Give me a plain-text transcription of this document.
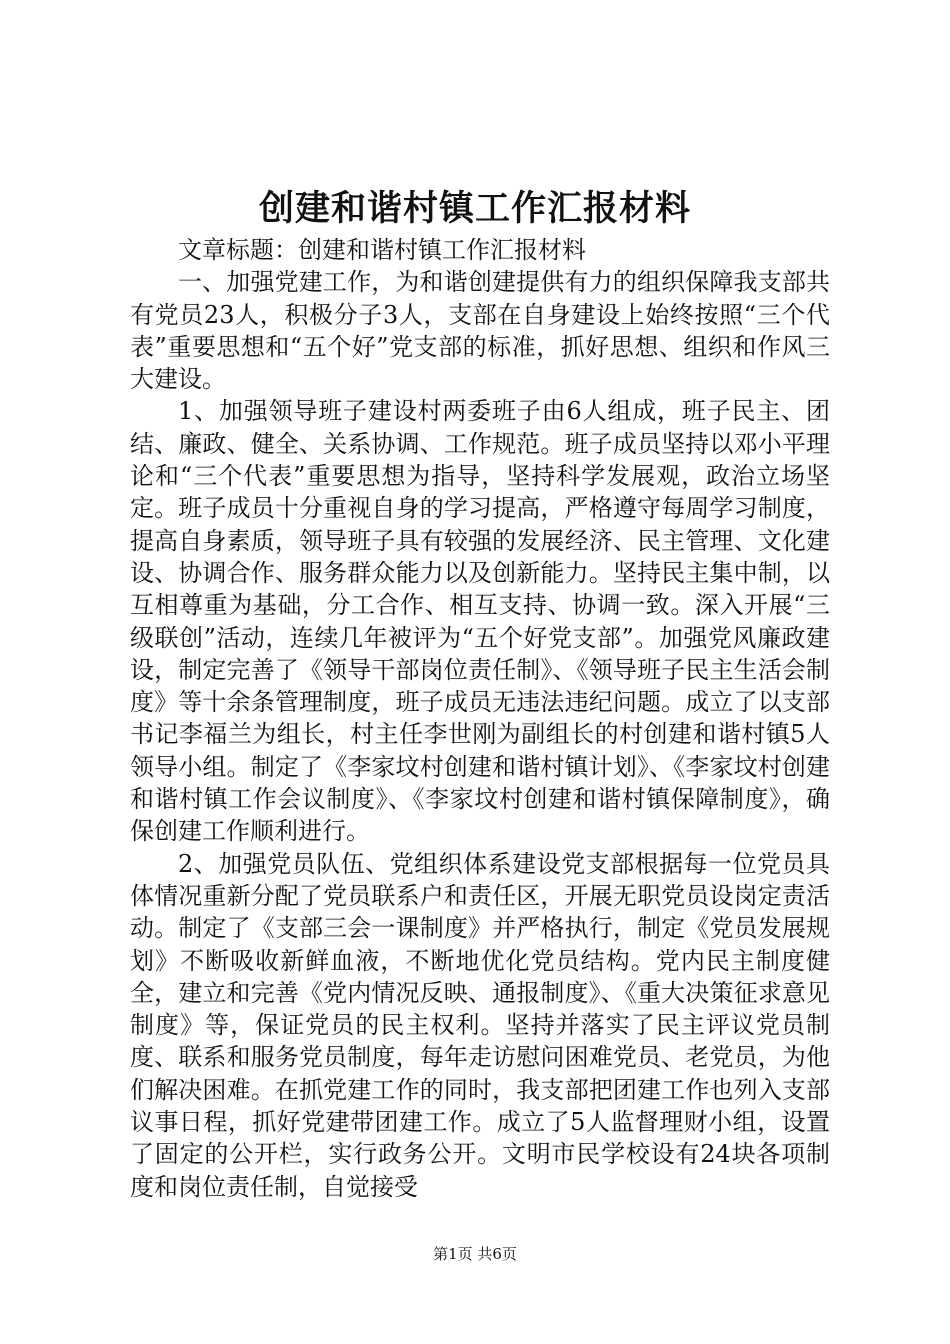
创建和谐村镇工作汇报材料

文章标题：创建和谐村镇工作汇报材料

一、加强党建工作，为和谐创建提供有力的组织保障我支部共有党员23人，积极分子3人，支部在自身建设上始终按照“三个代表”重要思想和“五个好”党支部的标准，抓好思想、组织和作风三大建设。

1、加强领导班子建设村两委班子由6人组成，班子民主、团结、廉政、健全、关系协调、工作规范。班子成员坚持以邓小平理论和“三个代表”重要思想为指导，坚持科学发展观，政治立场坚定。班子成员十分重视自身的学习提高，严格遵守每周学习制度，提高自身素质，领导班子具有较强的发展经济、民主管理、文化建设、协调合作、服务群众能力以及创新能力。坚持民主集中制，以互相尊重为基础，分工合作、相互支持、协调一致。深入开展“三级联创”活动，连续几年被评为“五个好党支部”。加强党风廉政建设，制定完善了《领导干部岗位责任制》、《领导班子民主生活会制度》等十余条管理制度，班子成员无违法违纪问题。成立了以支部书记李福兰为组长，村主任李世刚为副组长的村创建和谐村镇5人领导小组。制定了《李家坟村创建和谐村镇计划》、《李家坟村创建和谐村镇工作会议制度》、《李家坟村创建和谐村镇保障制度》，确保创建工作顺利进行。

2、加强党员队伍、党组织体系建设党支部根据每一位党员具体情况重新分配了党员联系户和责任区，开展无职党员设岗定责活动。制定了《支部三会一课制度》并严格执行，制定《党员发展规划》不断吸收新鲜血液，不断地优化党员结构。党内民主制度健全，建立和完善《党内情况反映、通报制度》、《重大决策征求意见制度》等，保证党员的民主权利。坚持并落实了民主评议党员制度、联系和服务党员制度，每年走访慰问困难党员、老党员，为他们解决困难。在抓党建工作的同时，我支部把团建工作也列入支部议事日程，抓好党建带团建工作。成立了5人监督理财小组，设置了固定的公开栏，实行政务公开。文明市民学校设有24块各项制度和岗位责任制，自觉接受

第1页 共6页
